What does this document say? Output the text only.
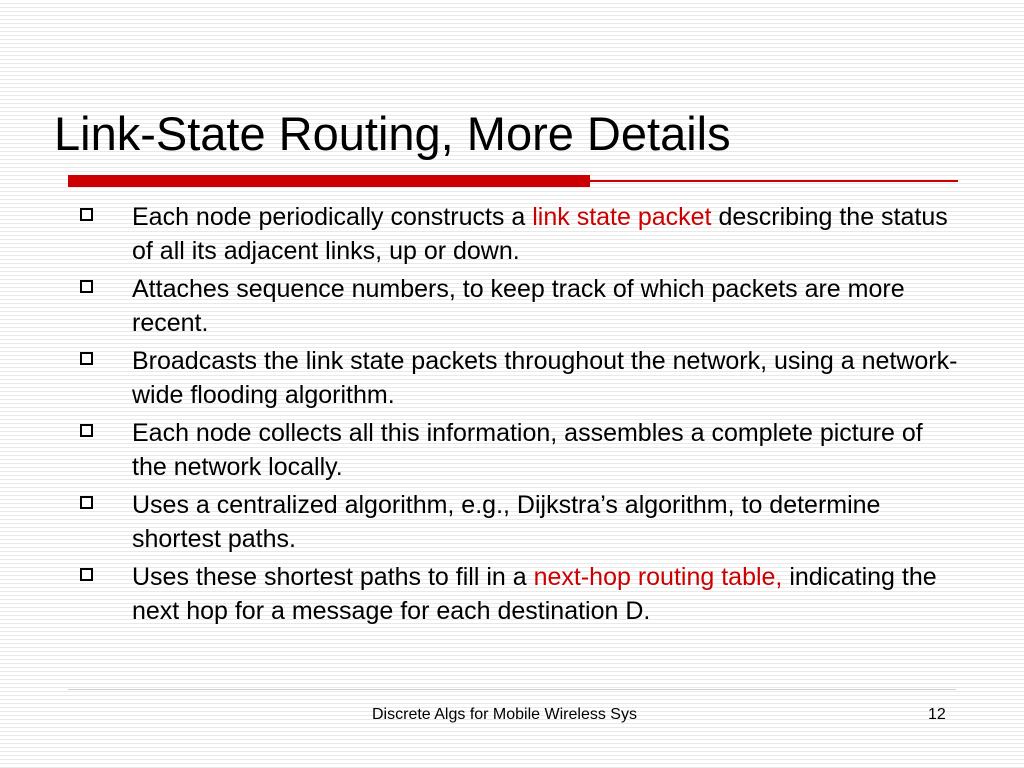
Link-State Routing, More Details
Each node periodically constructs a link state packet describing the status of all its adjacent links, up or down.
Attaches sequence numbers, to keep track of which packets are more recent.
Broadcasts the link state packets throughout the network, using a network-wide flooding algorithm.
Each node collects all this information, assembles a complete picture of the network locally.
Uses a centralized algorithm, e.g., Dijkstra’s algorithm, to determine shortest paths.
Uses these shortest paths to fill in a next-hop routing table, indicating the next hop for a message for each destination D.
Discrete Algs for Mobile Wireless Sys	12
